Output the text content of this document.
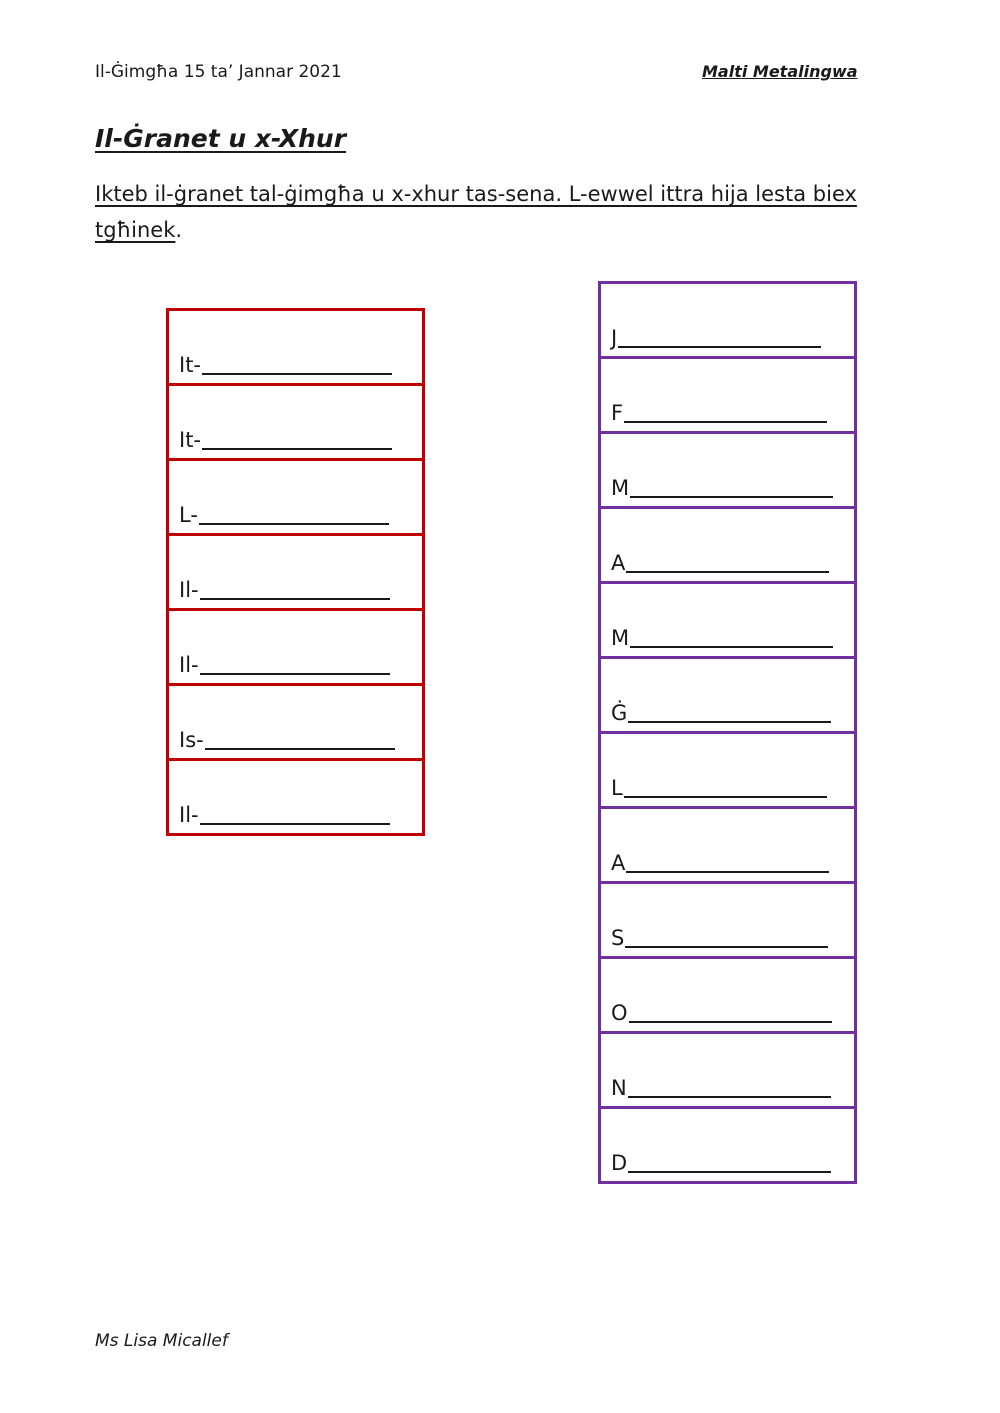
Il-Ġimgħa 15 ta’ Jannar 2021	Malti Metalingwa
Il-Ġranet u x-Xhur
Ikteb il-ġranet tal-ġimgħa u x-xhur tas-sena. L-ewwel ittra hija lesta biex tgħinek.
It-
It-
L-
Il-
Il-
Is-
Il-
J
F
M
A
M
Ġ
L
A
S
O
N
D
Ms Lisa Micallef
